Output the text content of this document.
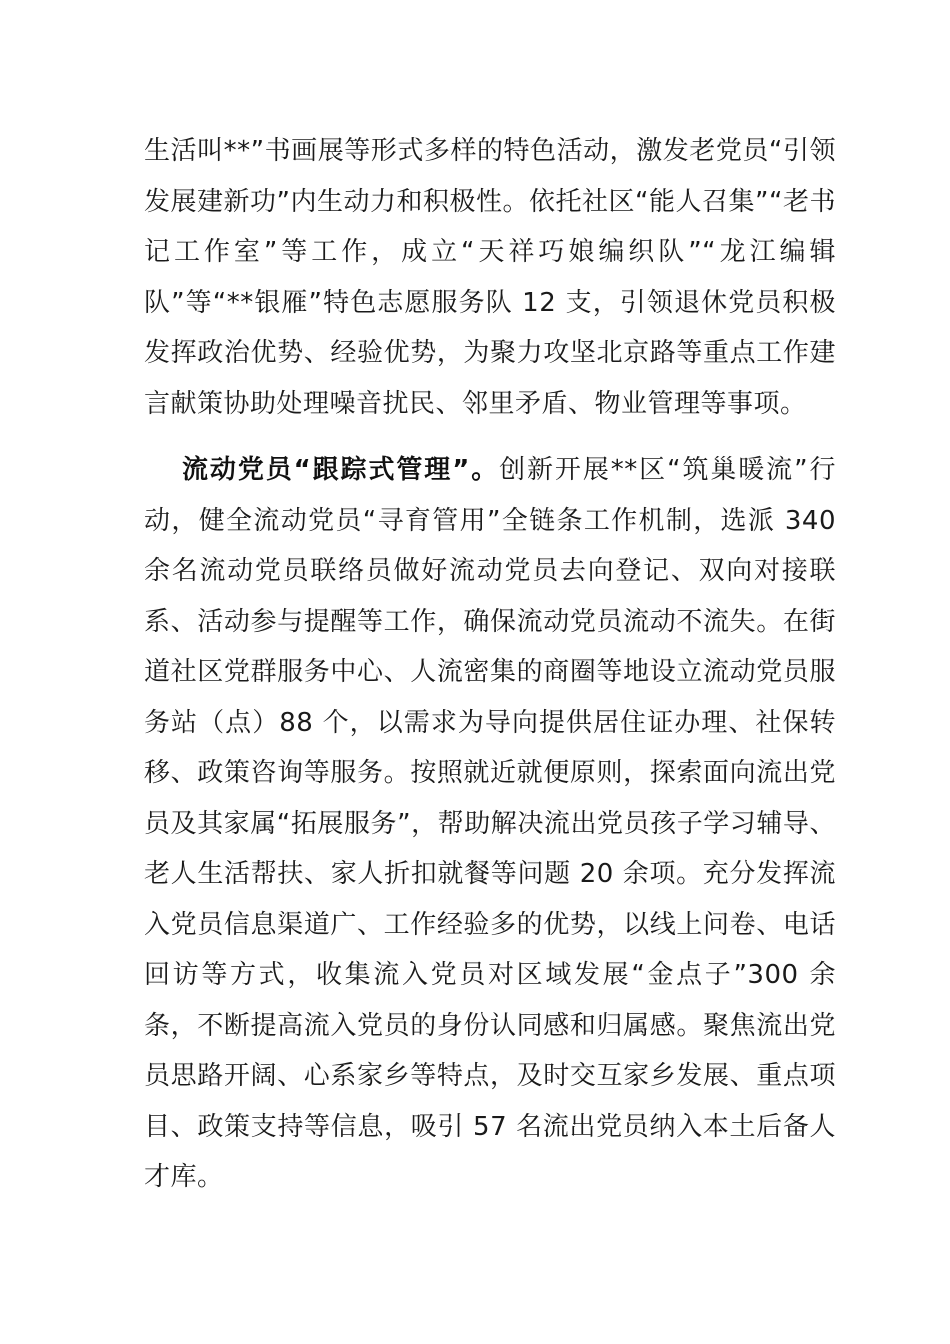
生活叫**”书画展等形式多样的特色活动，激发老党员“引领发展建新功”内生动力和积极性。依托社区“能人召集”“老书记工作室”等工作，成立“天祥巧娘编织队”“龙江编辑队”等“**银雁”特色志愿服务队 12 支，引领退休党员积极发挥政治优势、经验优势，为聚力攻坚北京路等重点工作建言献策协助处理噪音扰民、邻里矛盾、物业管理等事项。

流动党员“跟踪式管理”。创新开展**区“筑巢暖流”行动，健全流动党员“寻育管用”全链条工作机制，选派 340 余名流动党员联络员做好流动党员去向登记、双向对接联系、活动参与提醒等工作，确保流动党员流动不流失。在街道社区党群服务中心、人流密集的商圈等地设立流动党员服务站（点）88 个，以需求为导向提供居住证办理、社保转移、政策咨询等服务。按照就近就便原则，探索面向流出党员及其家属“拓展服务”，帮助解决流出党员孩子学习辅导、老人生活帮扶、家人折扣就餐等问题 20 余项。充分发挥流入党员信息渠道广、工作经验多的优势，以线上问卷、电话回访等方式，收集流入党员对区域发展“金点子”300 余条，不断提高流入党员的身份认同感和归属感。聚焦流出党员思路开阔、心系家乡等特点，及时交互家乡发展、重点项目、政策支持等信息，吸引 57 名流出党员纳入本土后备人才库。
